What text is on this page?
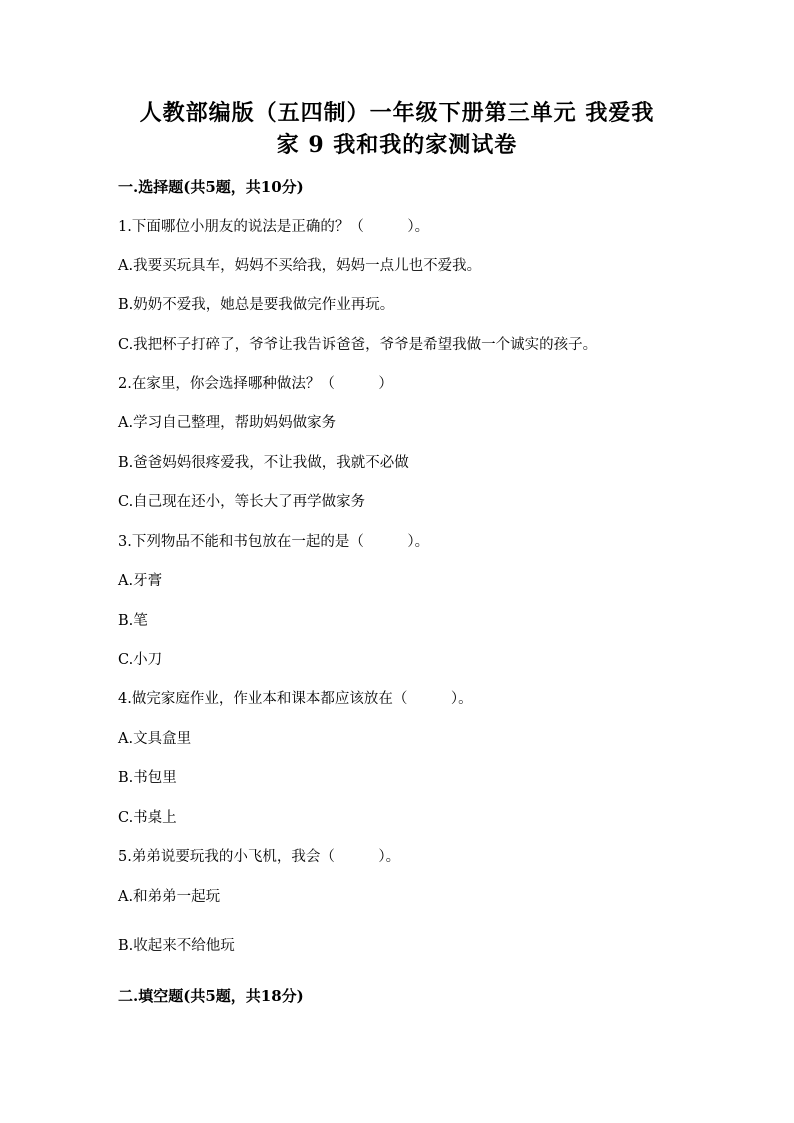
人教部编版（五四制）一年级下册第三单元 我爱我
家 9 我和我的家测试卷
一.选择题(共5题，共10分)
1.下面哪位小朋友的说法是正确的？（　　　）。
A.我要买玩具车，妈妈不买给我，妈妈一点儿也不爱我。
B.奶奶不爱我，她总是要我做完作业再玩。
C.我把杯子打碎了，爷爷让我告诉爸爸，爷爷是希望我做一个诚实的孩子。
2.在家里，你会选择哪种做法？（　　　）
A.学习自己整理，帮助妈妈做家务
B.爸爸妈妈很疼爱我，不让我做，我就不必做
C.自己现在还小，等长大了再学做家务
3.下列物品不能和书包放在一起的是（　　　）。
A.牙膏
B.笔
C.小刀
4.做完家庭作业，作业本和课本都应该放在（　　　）。
A.文具盒里
B.书包里
C.书桌上
5.弟弟说要玩我的小飞机，我会（　　　）。
A.和弟弟一起玩
B.收起来不给他玩
二.填空题(共5题，共18分)
